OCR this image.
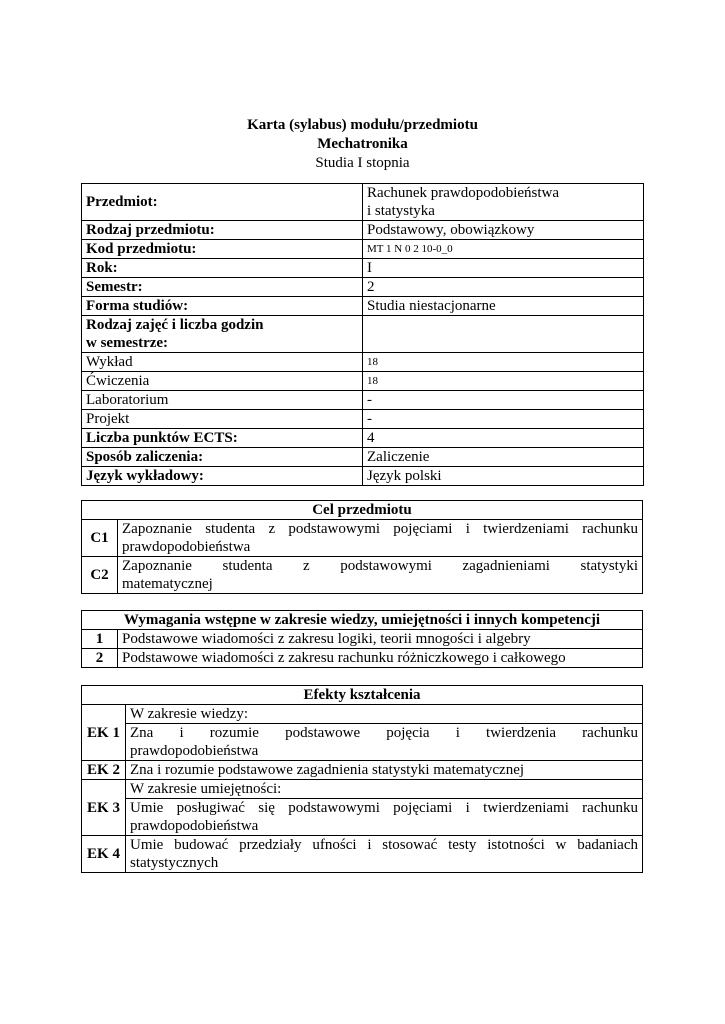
Karta (sylabus) modułu/przedmiotu
Mechatronika
Studia I stopnia
Przedmiot:	Rachunek prawdopodobieństwa
i statystyka

Rodzaj przedmiotu:	Podstawowy, obowiązkowy
Kod przedmiotu:	MT 1 N 0 2 10-0_0
Rok:	I
Semestr:	2
Forma studiów:	Studia niestacjonarne

Rodzaj zajęć i liczba godzin
w semestrze:	

Wykład	18
Ćwiczenia	18
Laboratorium	-
Projekt	-
Liczba punktów ECTS:	4
Sposób zaliczenia:	Zaliczenie
Język wykładowy:	Język polski
Cel przedmiotu	
C1	Zapoznanie studenta z podstawowymi pojęciami i twierdzeniami rachunku
prawdopodobieństwa

C2	Zapoznanie studenta z podstawowymi zagadnieniami statystyki
matematycznej
Wymagania wstępne w zakresie wiedzy, umiejętności i innych kompetencji	
1	Podstawowe wiadomości z zakresu logiki, teorii mnogości i algebry
2	Podstawowe wiadomości z zakresu rachunku różniczkowego i całkowego
Efekty kształcenia	
EK 1	W zakresie wiedzy:

	Zna i rozumie podstawowe pojęcia i twierdzenia rachunku
prawdopodobieństwa

EK 2	Zna i rozumie podstawowe zagadnienia statystyki matematycznej
EK 3	W zakresie umiejętności:

	Umie posługiwać się podstawowymi pojęciami i twierdzeniami rachunku
prawdopodobieństwa

EK 4	Umie budować przedziały ufności i stosować testy istotności w badaniach
statystycznych
